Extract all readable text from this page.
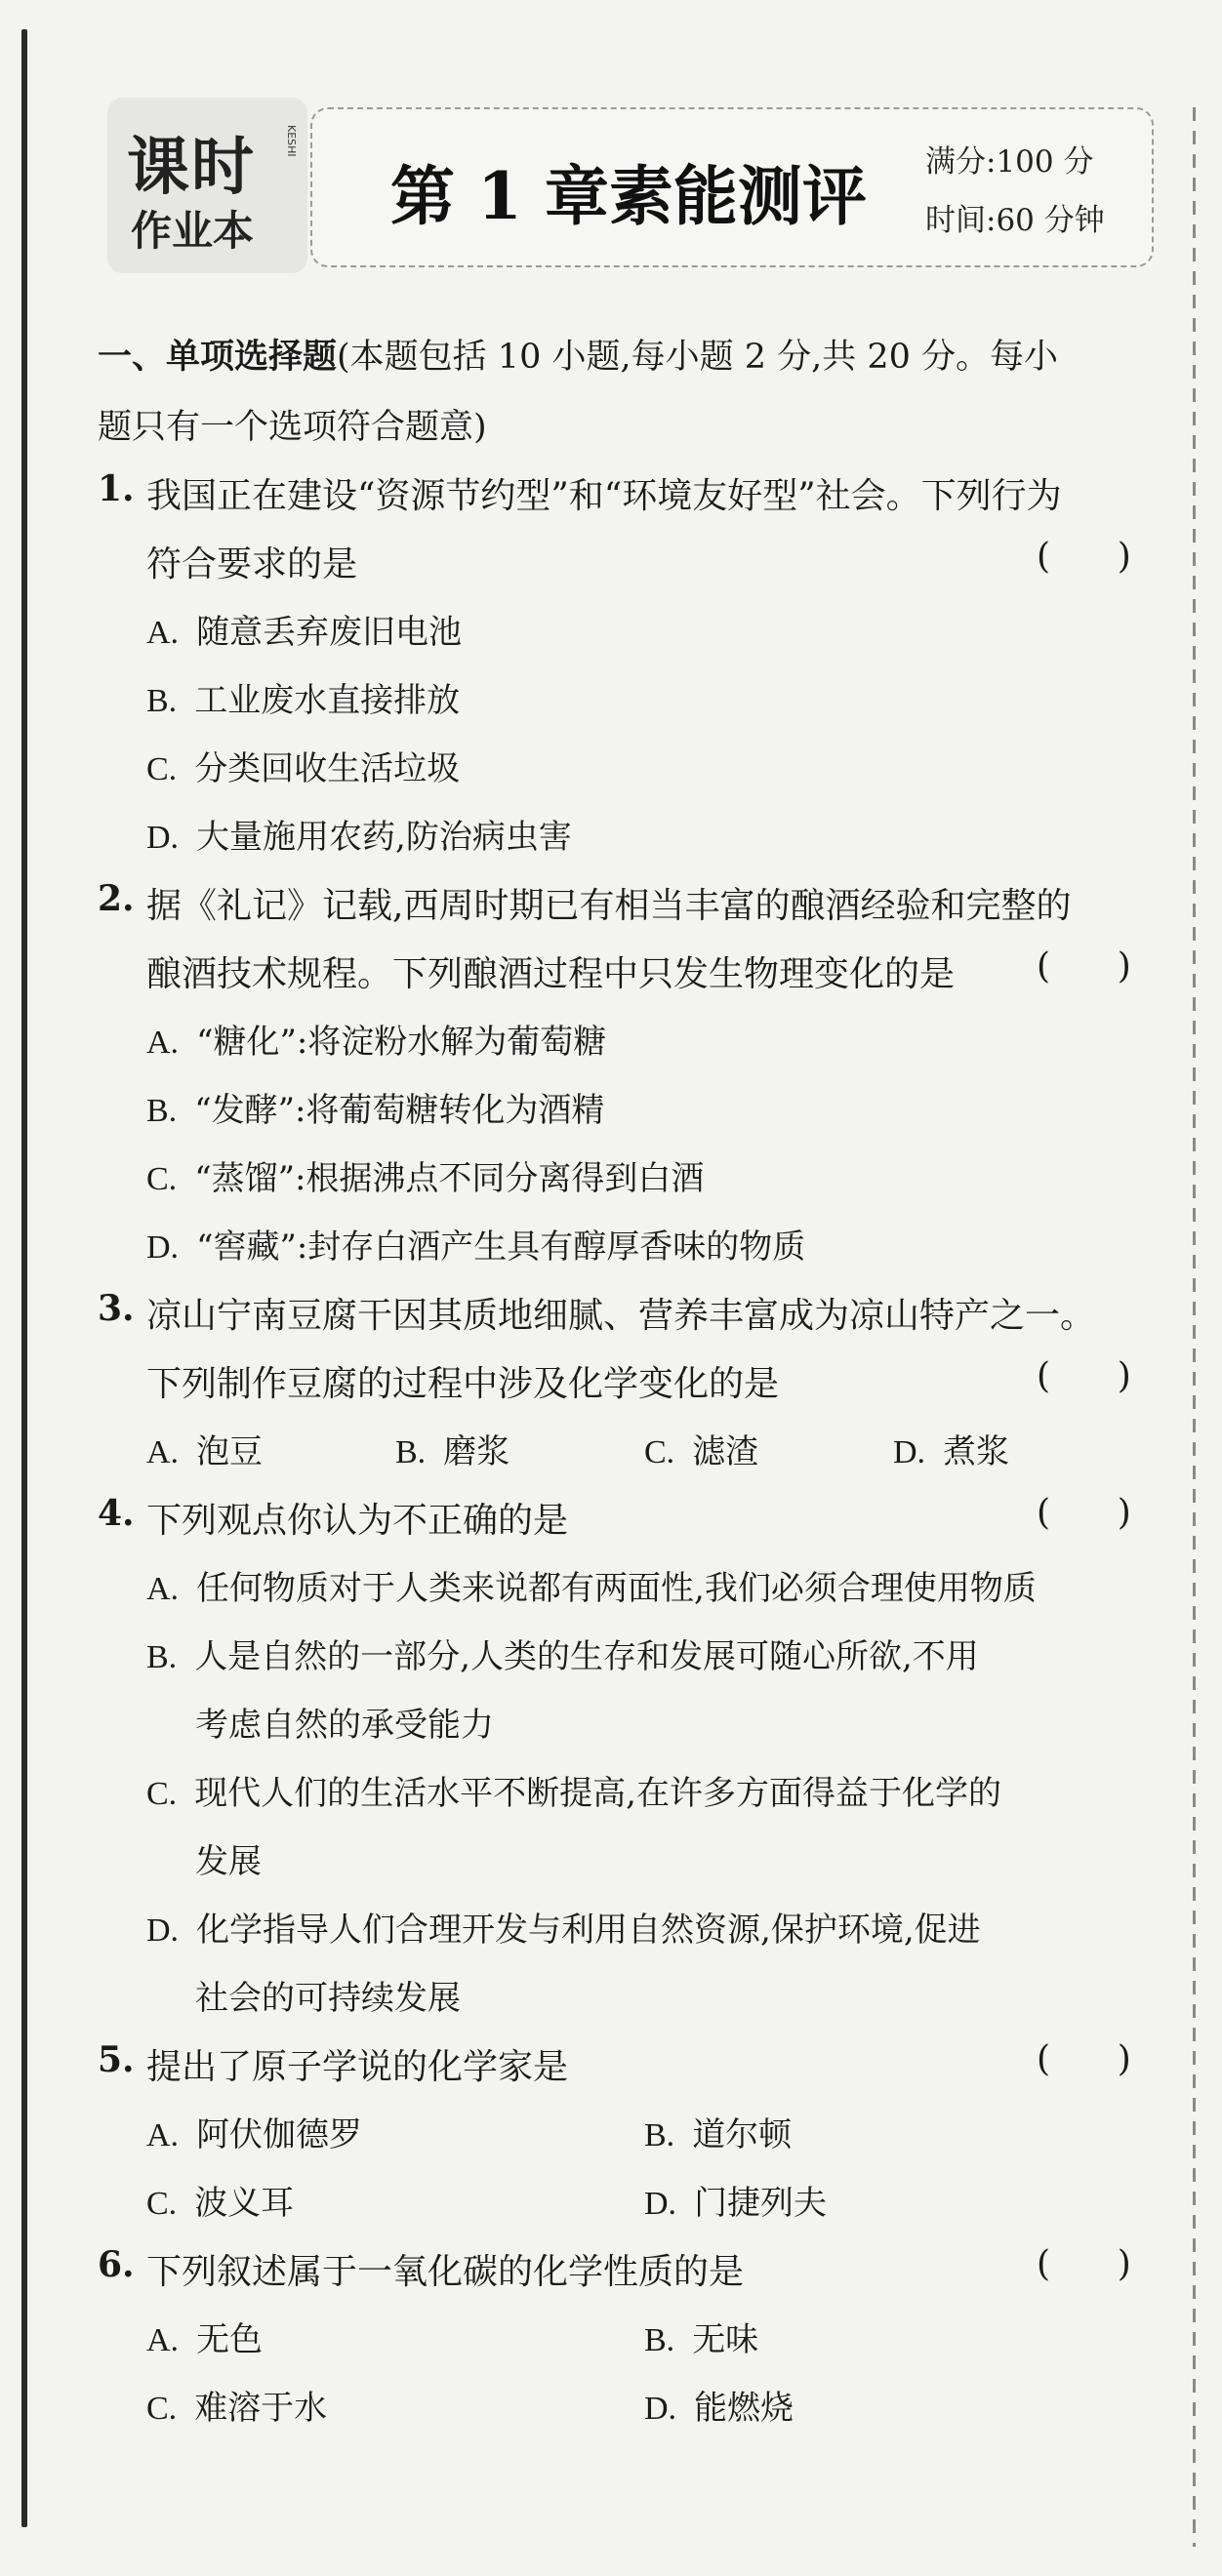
课时	KESHI
作业本 第 1 章素能测评 满分:100 分
时间:60 分钟
一、单项选择题(本题包括 10 小题,每小题 2 分,共 20 分。每小
题只有一个选项符合题意)
1. 我国正在建设“资源节约型”和“环境友好型”社会。下列行为
符合要求的是	(      )
A. 随意丢弃废旧电池
B. 工业废水直接排放
C. 分类回收生活垃圾
D. 大量施用农药,防治病虫害
2. 据《礼记》记载,西周时期已有相当丰富的酿酒经验和完整的
酿酒技术规程。下列酿酒过程中只发生物理变化的是 (      )
A. “糖化”:将淀粉水解为葡萄糖
B. “发酵”:将葡萄糖转化为酒精
C. “蒸馏”:根据沸点不同分离得到白酒
D. “窖藏”:封存白酒产生具有醇厚香味的物质
3. 凉山宁南豆腐干因其质地细腻、营养丰富成为凉山特产之一。
下列制作豆腐的过程中涉及化学变化的是	(      )
A. 泡豆	B. 磨浆	C. 滤渣	D. 煮浆
4. 下列观点你认为不正确的是	(      )
A. 任何物质对于人类来说都有两面性,我们必须合理使用物质
B. 人是自然的一部分,人类的生存和发展可随心所欲,不用
考虑自然的承受能力
C. 现代人们的生活水平不断提高,在许多方面得益于化学的
发展
D. 化学指导人们合理开发与利用自然资源,保护环境,促进
社会的可持续发展
5. 提出了原子学说的化学家是	(      )
A. 阿伏伽德罗	B. 道尔顿
C. 波义耳	D. 门捷列夫
6. 下列叙述属于一氧化碳的化学性质的是	(      )
A. 无色	B. 无味
C. 难溶于水	D. 能燃烧
